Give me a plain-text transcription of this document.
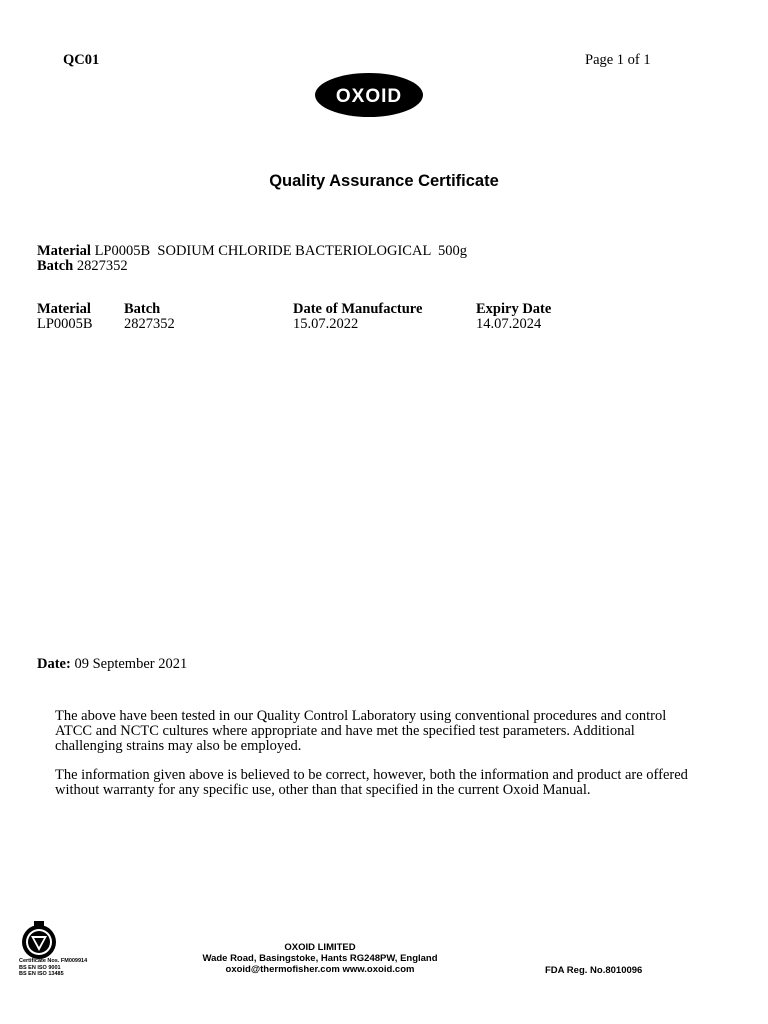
QC01	Page 1 of 1
OXOID
Quality Assurance Certificate
Material LP0005B  SODIUM CHLORIDE BACTERIOLOGICAL  500g
Batch 2827352
Material Batch	Date of Manufacture	Expiry Date
LP0005B 2827352	15.07.2022	14.07.2024
Date: 09 September 2021

The above have been tested in our Quality Control Laboratory using conventional procedures and control ATCC and NCTC cultures where appropriate and have met the specified test parameters. Additional challenging strains may also be employed.

The information given above is believed to be correct, however, both the information and product are offered without warranty for any specific use, other than that specified in the current Oxoid Manual.

Certificate Nos. FM009914
BS EN ISO 9001
BS EN ISO 13485
OXOID LIMITED
Wade Road, Basingstoke, Hants RG248PW, England
oxoid@thermofisher.com www.oxoid.com	FDA Reg. No.8010096
